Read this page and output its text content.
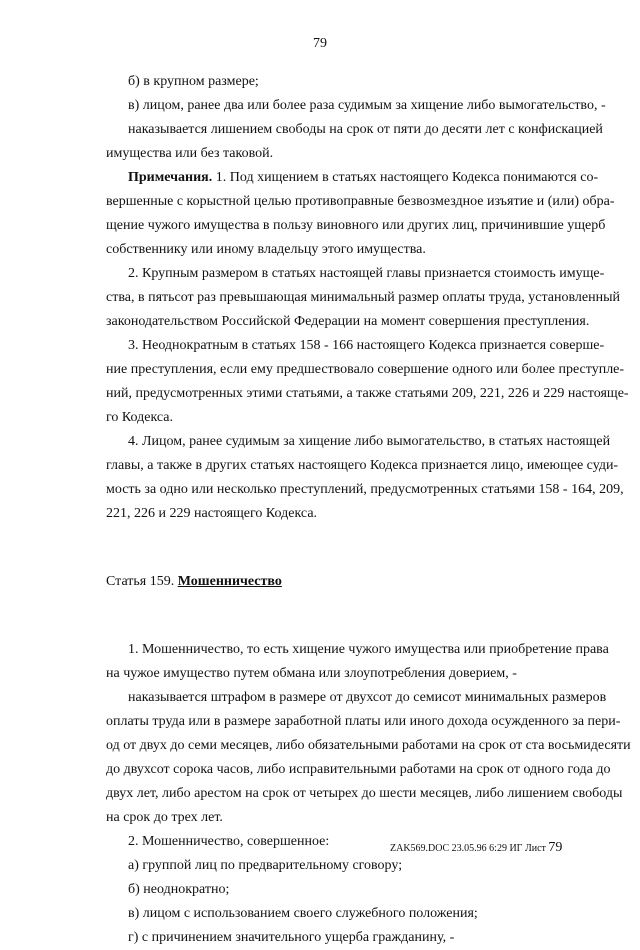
79
б) в крупном размере;
в) лицом, ранее два или более раза судимым за хищение либо вымогательство, -
наказывается лишением свободы на срок от пяти до десяти лет с конфискацией
имущества или без таковой.
Примечания. 1. Под хищением в статьях настоящего Кодекса понимаются со-
вершенные с корыстной целью противоправные безвозмездное изъятие и (или) обра-
щение чужого имущества в пользу виновного или других лиц, причинившие ущерб
собственнику или иному владельцу этого имущества.
2. Крупным размером в статьях настоящей главы признается стоимость имуще-
ства, в пятьсот раз превышающая минимальный размер оплаты труда, установленный
законодательством Российской Федерации на момент совершения преступления.
3. Неоднократным в статьях 158 - 166 настоящего Кодекса признается соверше-
ние преступления, если ему предшествовало совершение одного или более преступле-
ний, предусмотренных этими статьями, а также статьями 209, 221, 226 и 229 настояще-
го Кодекса.
4. Лицом, ранее судимым за хищение либо вымогательство, в статьях настоящей
главы, а также в других статьях настоящего Кодекса признается лицо, имеющее суди-
мость за одно или несколько преступлений, предусмотренных статьями 158 - 164, 209,
221, 226 и 229 настоящего Кодекса.
Статья 159. Мошенничество
1. Мошенничество, то есть хищение чужого имущества или приобретение права
на чужое имущество путем обмана или злоупотребления доверием, -
наказывается штрафом в размере от двухсот до семисот минимальных размеров
оплаты труда или в размере заработной платы или иного дохода осужденного за пери-
од от двух до семи месяцев, либо обязательными работами на срок от ста восьмидесяти
до двухсот сорока часов, либо исправительными работами на срок от одного года до
двух лет, либо арестом на срок от четырех до шести месяцев, либо лишением свободы
на срок до трех лет.
2. Мошенничество, совершенное:
а) группой лиц по предварительному сговору;
б) неоднократно;
в) лицом с использованием своего служебного положения;
г) с причинением значительного ущерба гражданину, -
ZAK569.DOC 23.05.96 6:29 ИГ Лист 79
